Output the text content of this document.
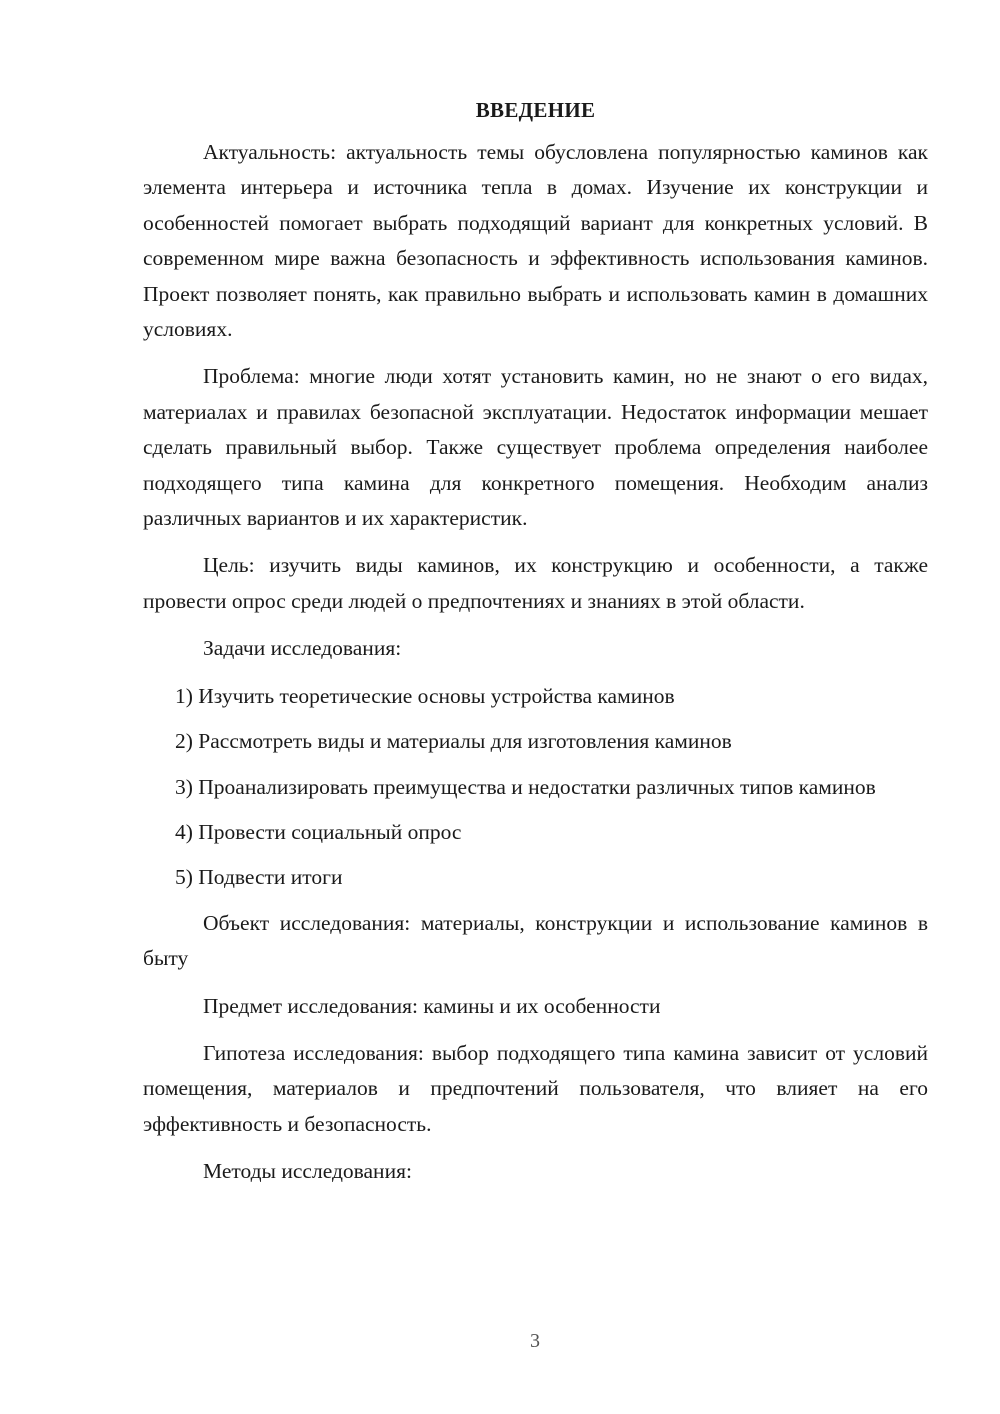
ВВЕДЕНИЕ

Актуальность: актуальность темы обусловлена популярностью каминов как элемента интерьера и источника тепла в домах. Изучение их конструкции и особенностей помогает выбрать подходящий вариант для конкретных условий. В современном мире важна безопасность и эффективность использования каминов. Проект позволяет понять, как правильно выбрать и использовать камин в домашних условиях.

Проблема: многие люди хотят установить камин, но не знают о его видах, материалах и правилах безопасной эксплуатации. Недостаток информации мешает сделать правильный выбор. Также существует проблема определения наиболее подходящего типа камина для конкретного помещения. Необходим анализ различных вариантов и их характеристик.

Цель: изучить виды каминов, их конструкцию и особенности, а также провести опрос среди людей о предпочтениях и знаниях в этой области.

Задачи исследования:

1) Изучить теоретические основы устройства каминов

2) Рассмотреть виды и материалы для изготовления каминов

3) Проанализировать преимущества и недостатки различных типов каминов

4) Провести социальный опрос

5) Подвести итоги

Объект исследования: материалы, конструкции и использование каминов в быту

Предмет исследования: камины и их особенности

Гипотеза исследования: выбор подходящего типа камина зависит от условий помещения, материалов и предпочтений пользователя, что влияет на его эффективность и безопасность.

Методы исследования:

3
